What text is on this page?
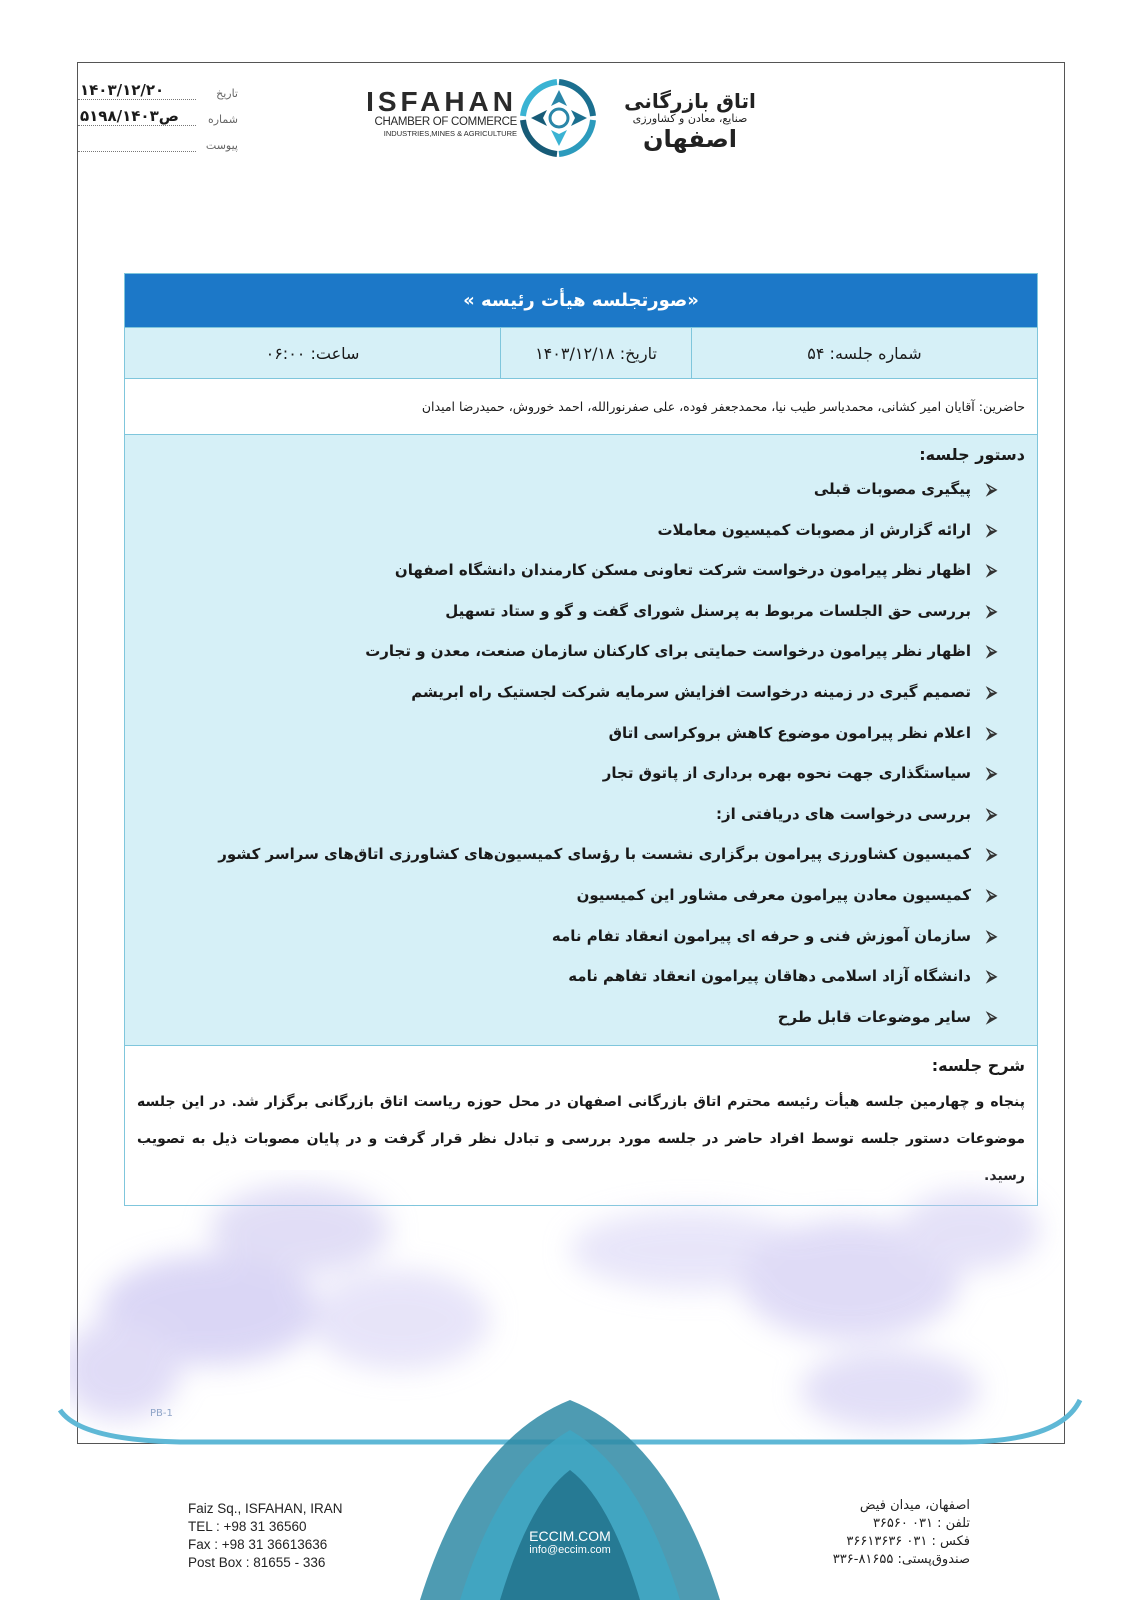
تاریخ
۱۴۰۳/۱۲/۲۰
شماره
۵۱۹۸/ص۱۴۰۳
پیوست
ISFAHAN
CHAMBER OF COMMERCE
INDUSTRIES,MINES & AGRICULTURE
اتاق بازرگانی
صنایع، معادن و کشاورزی
اصفهان
«صورتجلسه هیأت رئیسه »
شماره جلسه: ۵۴
تاریخ: ۱۴۰۳/۱۲/۱۸
ساعت: ۰۶:۰۰
حاضرین: آقایان امیر کشانی، محمدیاسر طیب نیا، محمدجعفر فوده، علی صفرنورالله، احمد خوروش، حمیدرضا امیدان
دستور جلسه:
⮚پیگیری مصوبات قبلی
⮚ارائه گزارش از مصوبات کمیسیون معاملات
⮚اظهار نظر پیرامون درخواست شرکت تعاونی مسکن کارمندان دانشگاه اصفهان
⮚بررسی حق الجلسات مربوط به پرسنل شورای گفت و گو و ستاد تسهیل
⮚اظهار نظر پیرامون درخواست حمایتی برای کارکنان سازمان صنعت، معدن و تجارت
⮚تصمیم گیری در زمینه درخواست افزایش سرمایه شرکت لجستیک راه ابریشم
⮚اعلام نظر پیرامون موضوع کاهش بروکراسی اتاق
⮚سیاستگذاری جهت نحوه بهره برداری از پاتوق تجار
⮚بررسی درخواست های دریافتی از:
⮚کمیسیون کشاورزی پیرامون برگزاری نشست با رؤسای کمیسیون‌های کشاورزی اتاق‌های سراسر کشور
⮚کمیسیون معادن پیرامون معرفی مشاور این کمیسیون
⮚سازمان آموزش فنی و حرفه ای پیرامون انعقاد تفام نامه
⮚دانشگاه آزاد اسلامی دهاقان پیرامون انعقاد تفاهم نامه
⮚سایر موضوعات قابل طرح
شرح جلسه:

پنجاه و چهارمین جلسه هیأت رئیسه محترم اتاق بازرگانی اصفهان در محل حوزه ریاست اتاق بازرگانی برگزار شد. در این جلسه موضوعات دستور جلسه توسط افراد حاضر در جلسه مورد بررسی و تبادل نظر قرار گرفت و در پایان مصوبات ذیل به تصویب رسید.

PB-1
Faiz Sq., ISFAHAN, IRAN
TEL : +98 31 36560
Fax : +98 31 36613636
Post Box : 81655 - 336
ECCIM.COM
info@eccim.com
اصفهان، میدان فیض
تلفن : ۰۳۱ ۳۶۵۶۰
فکس : ۰۳۱ ۳۶۶۱۳۶۳۶
صندوق‌پستی: ۸۱۶۵۵-۳۳۶
